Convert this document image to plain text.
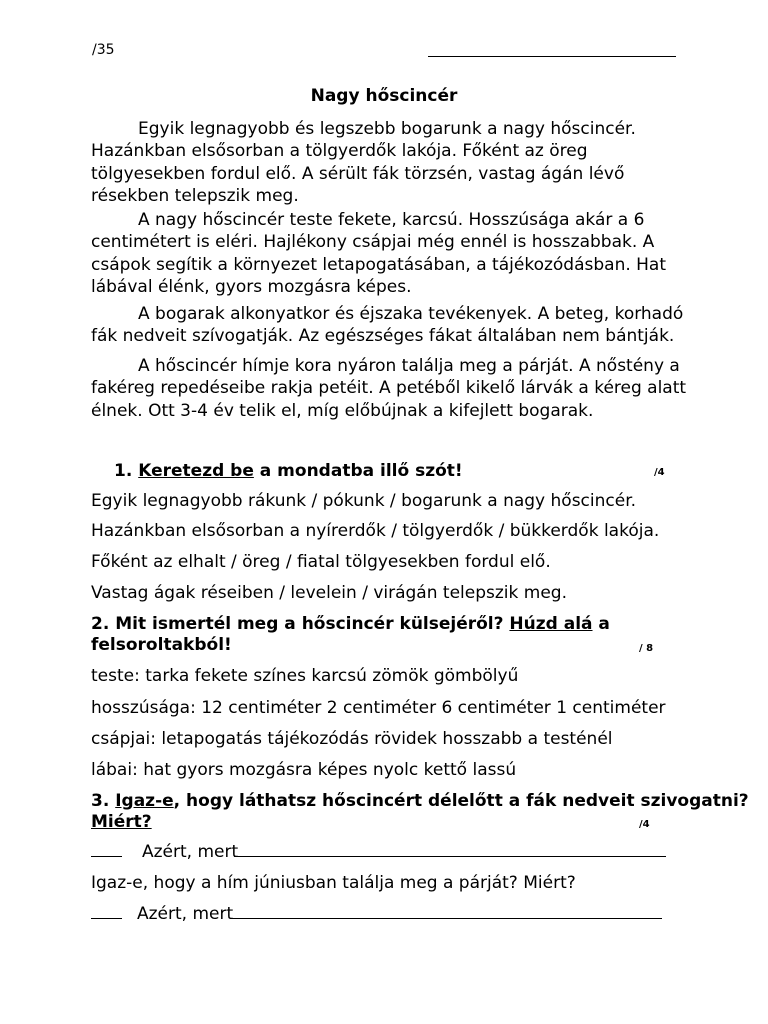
/35
Nagy hőscincér

Egyik legnagyobb és legszebb bogarunk a nagy hőscincér. Hazánkban elsősorban a tölgyerdők lakója. Főként az öreg tölgyesekben fordul elő. A sérült fák törzsén, vastag ágán lévő résekben telepszik meg.

A nagy hőscincér teste fekete, karcsú. Hosszúsága akár a 6 centimétert is eléri. Hajlékony csápjai még ennél is hosszabbak. A csápok segítik a környezet letapogatásában, a tájékozódásban. Hat lábával élénk, gyors mozgásra képes.

A bogarak alkonyatkor és éjszaka tevékenyek. A beteg, korhadó fák nedveit szívogatják. Az egészséges fákat általában nem bántják.

A hőscincér hímje kora nyáron találja meg a párját. A nőstény a fakéreg repedéseibe rakja petéit. A petéből kikelő lárvák a kéreg alatt élnek. Ott 3-4 év telik el, míg előbújnak a kifejlett bogarak.

1. Keretezd be a mondatba illő szót!	/4
Egyik legnagyobb rákunk / pókunk / bogarunk a nagy hőscincér.
Hazánkban elsősorban a nyírerdők / tölgyerdők / bükkerdők lakója.
Főként az elhalt / öreg / fiatal tölgyesekben fordul elő.
Vastag ágak réseiben / levelein / virágán telepszik meg.
2. Mit ismertél meg a hőscincér külsejéről? Húzd alá a
felsoroltakból!	/ 8
teste: tarka fekete színes karcsú zömök gömbölyű
hosszúsága: 12 centiméter 2 centiméter 6 centiméter 1 centiméter
csápjai: letapogatás tájékozódás rövidek hosszabb a testénél
lábai: hat gyors mozgásra képes nyolc kettő lassú
3. Igaz-e, hogy láthatsz hőscincért délelőtt a fák nedveit szivogatni?
Miért?	/4
Azért, mert
Igaz-e, hogy a hím júniusban találja meg a párját? Miért?
Azért, mert
